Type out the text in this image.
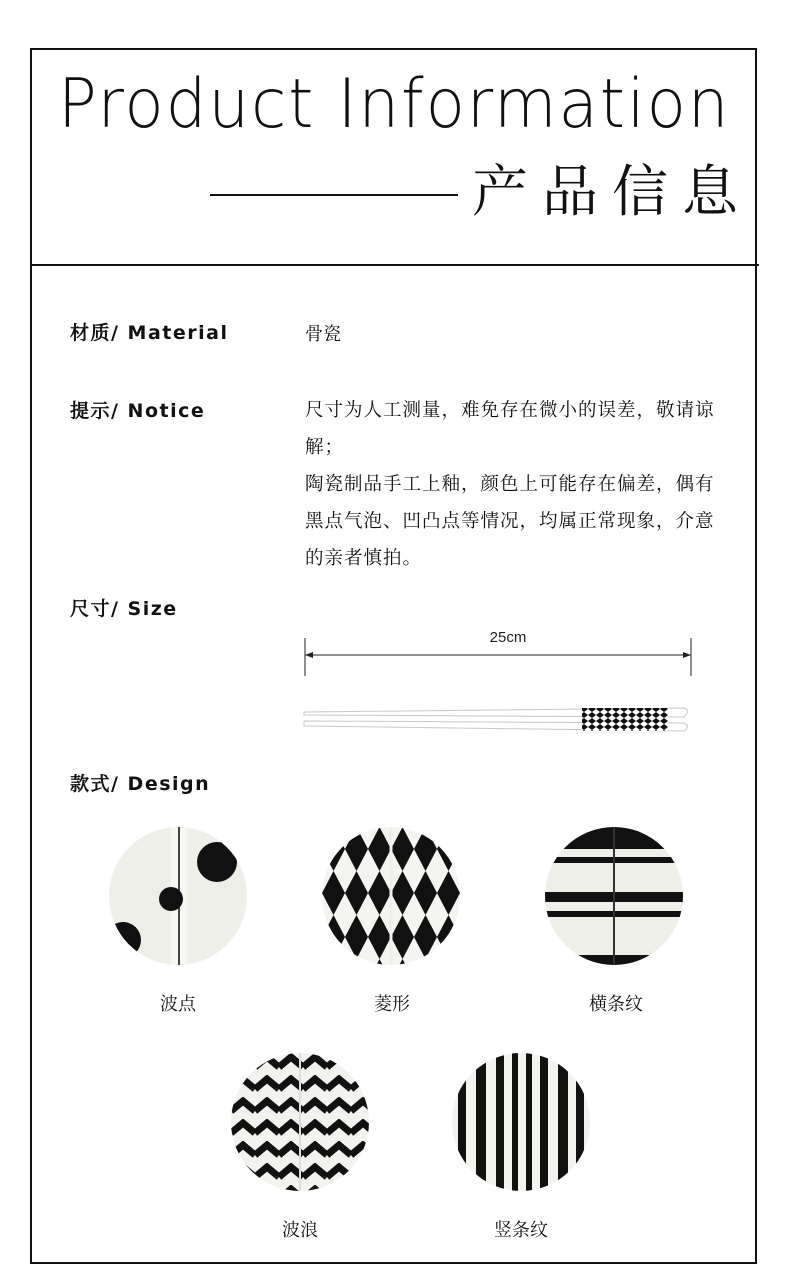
Product Information
产品信息
材质/ Material	骨瓷
提示/ Notice	尺寸为人工测量，难免存在微小的误差，敬请谅解；

陶瓷制品手工上釉，颜色上可能存在偏差，偶有黑点气泡、凹凸点等情况，均属正常现象，介意的亲者慎拍。

尺寸/ Size
25cm
款式/ Design
波点	菱形	横条纹
波浪	竖条纹
